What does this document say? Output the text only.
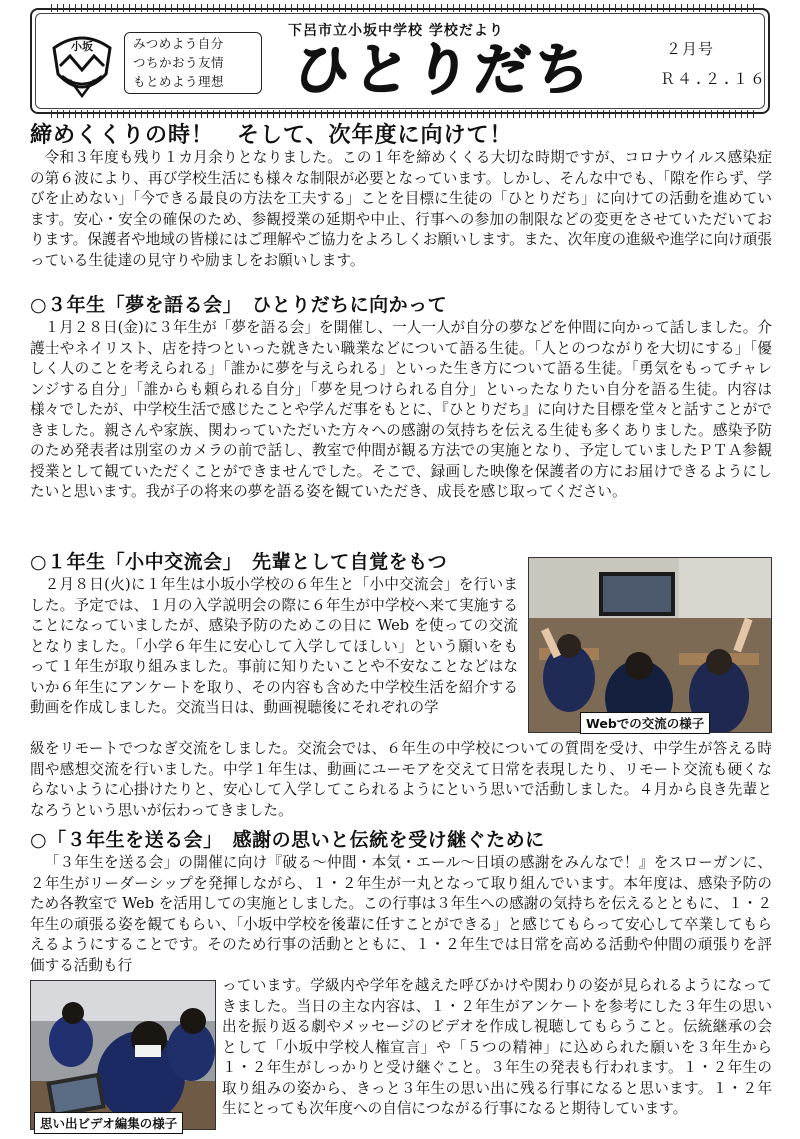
小坂	みつめよう自分
つちかおう友情
もとめよう理想
下呂市立小坂中学校 学校だより
ひとりだち	２月号
Ｒ４.２.１６
締めくくりの時！　そして、次年度に向けて！

令和３年度も残り１カ月余りとなりました。この１年を締めくくる大切な時期ですが、コロナウイルス感染症の第６波により、再び学校生活にも様々な制限が必要となっています。しかし、そんな中でも、「隙を作らず、学びを止めない」「今できる最良の方法を工夫する」ことを目標に生徒の「ひとりだち」に向けての活動を進めています。安心・安全の確保のため、参観授業の延期や中止、行事への参加の制限などの変更をさせていただいております。保護者や地域の皆様にはご理解やご協力をよろしくお願いします。また、次年度の進級や進学に向け頑張っている生徒達の見守りや励ましをお願いします。

○３年生「夢を語る会」　ひとりだちに向かって

１月２８日(金)に３年生が「夢を語る会」を開催し、一人一人が自分の夢などを仲間に向かって話しました。介護士やネイリスト、店を持つといった就きたい職業などについて語る生徒。「人とのつながりを大切にする」「優しく人のことを考えられる」「誰かに夢を与えられる」といった生き方について語る生徒。「勇気をもってチャレンジする自分」「誰からも頼られる自分」「夢を見つけられる自分」といったなりたい自分を語る生徒。内容は様々でしたが、中学校生活で感じたことや学んだ事をもとに、『ひとりだち』に向けた目標を堂々と話すことができました。親さんや家族、関わっていただいた方々への感謝の気持ちを伝える生徒も多くありました。感染予防のため発表者は別室のカメラの前で話し、教室で仲間が観る方法での実施となり、予定していましたＰＴＡ参観授業として観ていただくことができませんでした。そこで、録画した映像を保護者の方にお届けできるようにしたいと思います。我が子の将来の夢を語る姿を観ていただき、成長を感じ取ってください。

○１年生「小中交流会」　先輩として自覚をもつ

２月８日(火)に１年生は小坂小学校の６年生と「小中交流会」を行いました。予定では、１月の入学説明会の際に６年生が中学校へ来て実施することになっていましたが、感染予防のためこの日に Web を使っての交流となりました。「小学６年生に安心して入学してほしい」という願いをもって１年生が取り組みました。事前に知りたいことや不安なことなどはないか６年生にアンケートを取り、その内容も含めた中学校生活を紹介する動画を作成しました。交流当日は、動画視聴後にそれぞれの学

級をリモートでつなぎ交流をしました。交流会では、６年生の中学校についての質問を受け、中学生が答える時間や感想交流を行いました。中学１年生は、動画にユーモアを交えて日常を表現したり、リモート交流も硬くならないように心掛けたりと、安心して入学してこられるようにという思いで活動しました。４月から良き先輩となろうという思いが伝わってきました。

Webでの交流の様子
○「３年生を送る会」　感謝の思いと伝統を受け継ぐために

「３年生を送る会」の開催に向け『破る～仲間・本気・エール～日頃の感謝をみんなで！』をスローガンに、２年生がリーダーシップを発揮しながら、１・２年生が一丸となって取り組んでいます。本年度は、感染予防のため各教室で Web を活用しての実施としました。この行事は３年生への感謝の気持ちを伝えるとともに、１・２年生の頑張る姿を観てもらい、「小坂中学校を後輩に任すことができる」と感じてもらって安心して卒業してもらえるようにすることです。そのため行事の活動とともに、１・２年生では日常を高める活動や仲間の頑張りを評価する活動も行

っています。学級内や学年を越えた呼びかけや関わりの姿が見られるようになってきました。当日の主な内容は、１・２年生がアンケートを参考にした３年生の思い出を振り返る劇やメッセージのビデオを作成し視聴してもらうこと。伝統継承の会として「小坂中学校人権宣言」や「５つの精神」に込められた願いを３年生から１・２年生がしっかりと受け継ぐこと。３年生の発表も行われます。１・２年生の取り組みの姿から、きっと３年生の思い出に残る行事になると思います。１・２年生にとっても次年度への自信につながる行事になると期待しています。

思い出ビデオ編集の様子
